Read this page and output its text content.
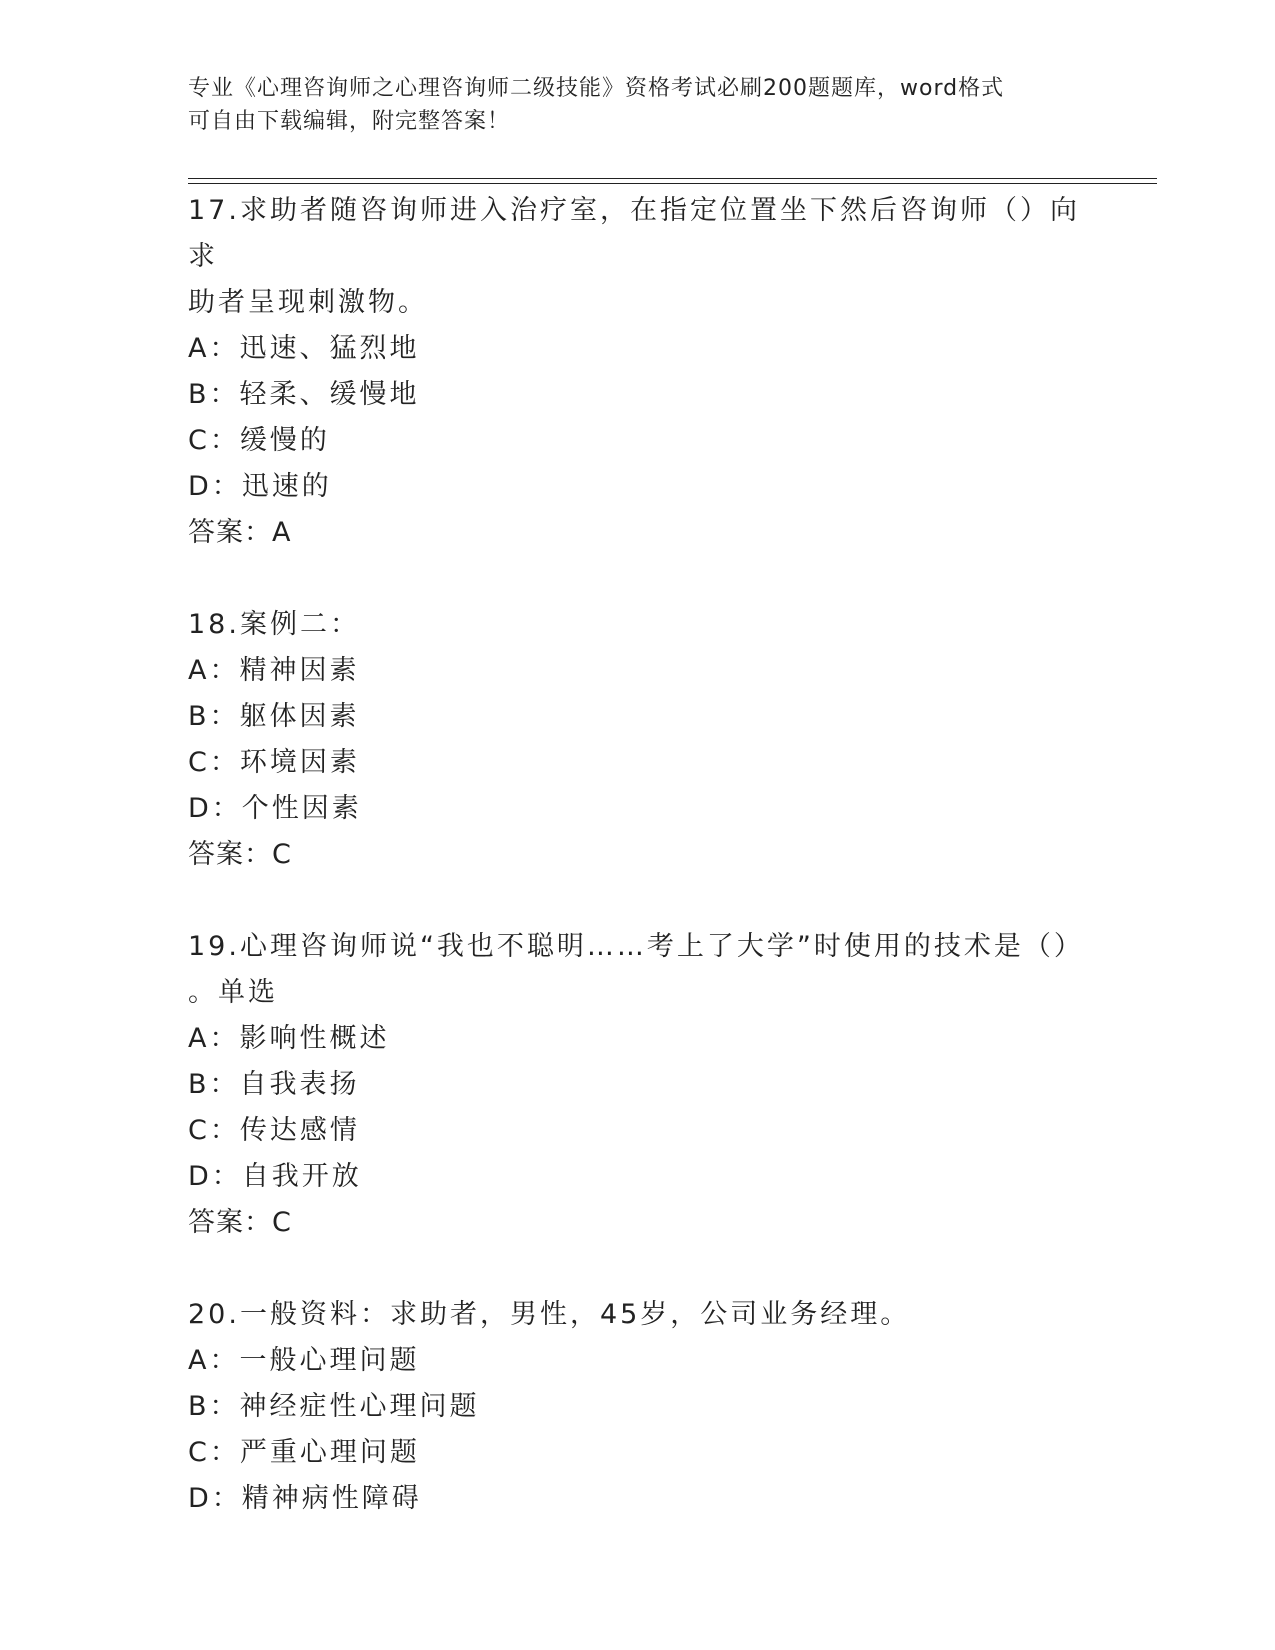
专业《心理咨询师之心理咨询师二级技能》资格考试必刷200题题库，word格式
可自由下载编辑，附完整答案！
17.求助者随咨询师进入治疗室，在指定位置坐下然后咨询师（）向求
助者呈现刺激物。
A：迅速、猛烈地
B：轻柔、缓慢地
C：缓慢的
D：迅速的
答案：A
18.案例二：
A：精神因素
B：躯体因素
C：环境因素
D：个性因素
答案：C
19.心理咨询师说“我也不聪明……考上了大学”时使用的技术是（）
。单选
A：影响性概述
B：自我表扬
C：传达感情
D：自我开放
答案：C
20.一般资料：求助者，男性，45岁，公司业务经理。
A：一般心理问题
B：神经症性心理问题
C：严重心理问题
D：精神病性障碍
